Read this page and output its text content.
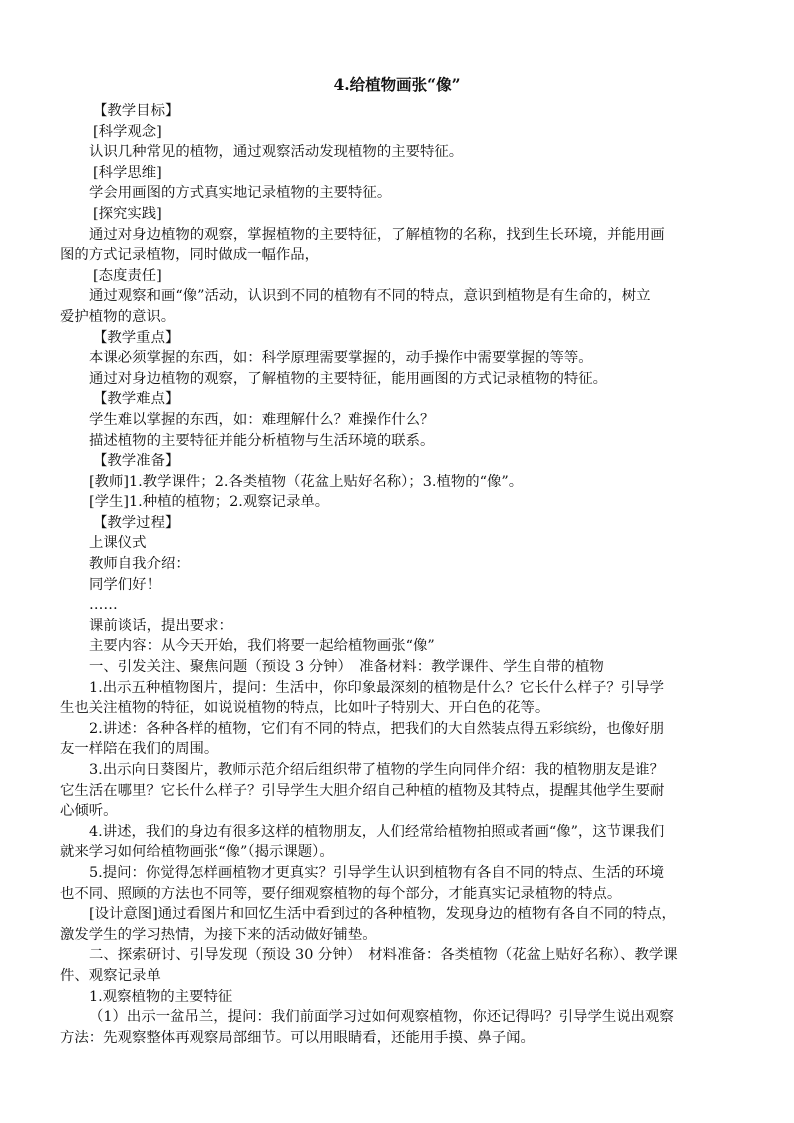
4.给植物画张“像”

【教学目标】

[科学观念]

认识几种常见的植物，通过观察活动发现植物的主要特征。

[科学思维]

学会用画图的方式真实地记录植物的主要特征。

[探究实践]

通过对身边植物的观察，掌握植物的主要特征，了解植物的名称，找到生长环境，并能用画

图的方式记录植物，同时做成一幅作品，

[态度责任]

通过观察和画“像”活动，认识到不同的植物有不同的特点，意识到植物是有生命的，树立

爱护植物的意识。

【教学重点】

本课必须掌握的东西，如：科学原理需要掌握的，动手操作中需要掌握的等等。

通过对身边植物的观察，了解植物的主要特征，能用画图的方式记录植物的特征。

【教学难点】

学生难以掌握的东西，如：难理解什么？难操作什么？

描述植物的主要特征并能分析植物与生活环境的联系。

【教学准备】

[教师]1.教学课件；2.各类植物（花盆上贴好名称）；3.植物的“像”。

[学生]1.种植的植物；2.观察记录单。

【教学过程】

上课仪式

教师自我介绍：

同学们好！

……

课前谈话，提出要求：

主要内容：从今天开始，我们将要一起给植物画张“像”

一、引发关注、聚焦问题（预设 3 分钟）　准备材料：教学课件、学生自带的植物

1.出示五种植物图片，提问：生活中，你印象最深刻的植物是什么？它长什么样子？引导学

生也关注植物的特征，如说说植物的特点，比如叶子特别大、开白色的花等。

2.讲述：各种各样的植物，它们有不同的特点，把我们的大自然装点得五彩缤纷，也像好朋

友一样陪在我们的周围。

3.出示向日葵图片，教师示范介绍后组织带了植物的学生向同伴介绍：我的植物朋友是谁？

它生活在哪里？它长什么样子？引导学生大胆介绍自己种植的植物及其特点，提醒其他学生要耐

心倾听。

4.讲述，我们的身边有很多这样的植物朋友，人们经常给植物拍照或者画“像”，这节课我们

就来学习如何给植物画张“像”（揭示课题）。

5.提问：你觉得怎样画植物才更真实？引导学生认识到植物有各自不同的特点、生活的环境

也不同、照顾的方法也不同等，要仔细观察植物的每个部分，才能真实记录植物的特点。

[设计意图]通过看图片和回忆生活中看到过的各种植物，发现身边的植物有各自不同的特点，

激发学生的学习热情，为接下来的活动做好铺垫。

二、探索研讨、引导发现（预设 30 分钟）　材料准备：各类植物（花盆上贴好名称）、教学课

件、观察记录单

1.观察植物的主要特征

（1）出示一盆吊兰，提问：我们前面学习过如何观察植物，你还记得吗？引导学生说出观察

方法：先观察整体再观察局部细节。可以用眼睛看，还能用手摸、鼻子闻。
